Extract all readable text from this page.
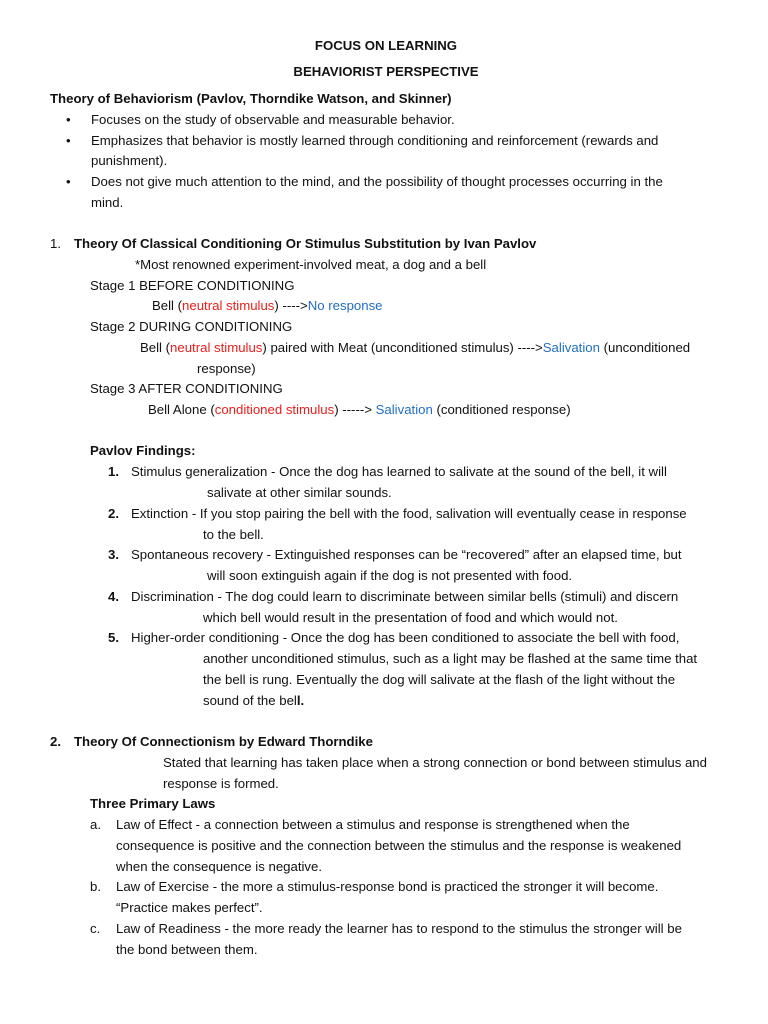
FOCUS ON LEARNING
BEHAVIORIST PERSPECTIVE
Theory of Behaviorism (Pavlov, Thorndike Watson, and Skinner)
• Focuses on the study of observable and measurable behavior.
• Emphasizes that behavior is mostly learned through conditioning and reinforcement (rewards and
punishment).
• Does not give much attention to the mind, and the possibility of thought processes occurring in the
mind.
1. Theory Of Classical Conditioning Or Stimulus Substitution by Ivan Pavlov
*Most renowned experiment-involved meat, a dog and a bell
Stage 1 BEFORE CONDITIONING
Bell (neutral stimulus) ---->No response
Stage 2 DURING CONDITIONING
Bell (neutral stimulus) paired with Meat (unconditioned stimulus) ---->Salivation (unconditioned
response)
Stage 3 AFTER CONDITIONING
Bell Alone (conditioned stimulus) -----> Salivation (conditioned response)
Pavlov Findings:
1. Stimulus generalization - Once the dog has learned to salivate at the sound of the bell, it will
salivate at other similar sounds.
2. Extinction - If you stop pairing the bell with the food, salivation will eventually cease in response
to the bell.
3. Spontaneous recovery - Extinguished responses can be “recovered” after an elapsed time, but
will soon extinguish again if the dog is not presented with food.
4. Discrimination - The dog could learn to discriminate between similar bells (stimuli) and discern
which bell would result in the presentation of food and which would not.
5. Higher-order conditioning - Once the dog has been conditioned to associate the bell with food,
another unconditioned stimulus, such as a light may be flashed at the same time that
the bell is rung. Eventually the dog will salivate at the flash of the light without the
sound of the bell.
2. Theory Of Connectionism by Edward Thorndike
Stated that learning has taken place when a strong connection or bond between stimulus and
response is formed.
Three Primary Laws
a. Law of Effect - a connection between a stimulus and response is strengthened when the
consequence is positive and the connection between the stimulus and the response is weakened
when the consequence is negative.
b. Law of Exercise - the more a stimulus-response bond is practiced the stronger it will become.
“Practice makes perfect”.
c. Law of Readiness - the more ready the learner has to respond to the stimulus the stronger will be
the bond between them.
